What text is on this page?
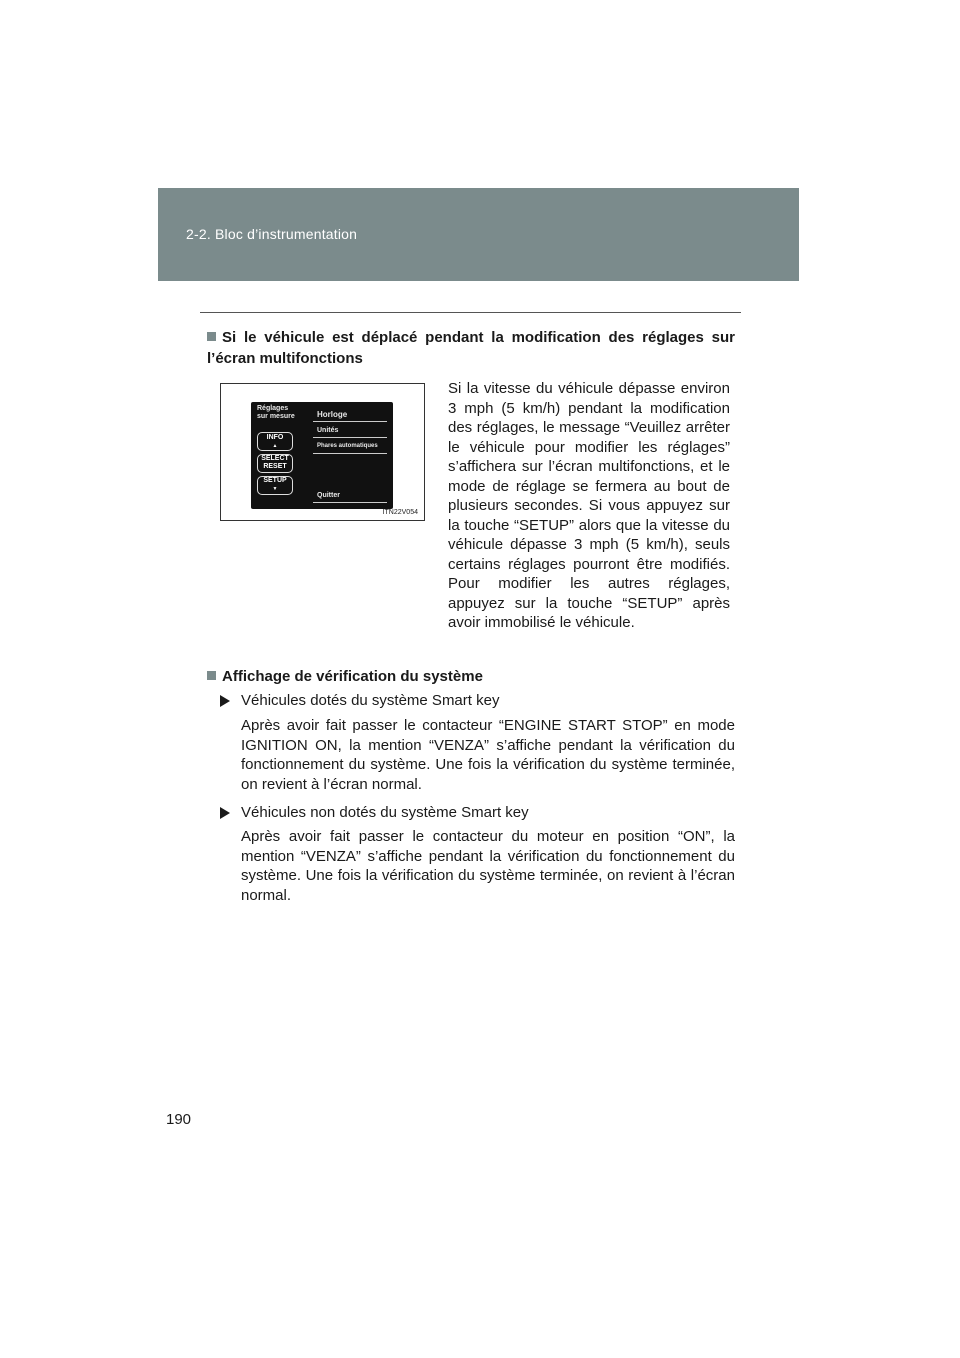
2-2. Bloc d’instrumentation
Si le véhicule est déplacé pendant la modification des réglages sur l’écran multifonctions
Réglages
sur mesure	Horloge
Unités
Phares automatiques
Quitter
INFO
▲
SELECT
RESET
SETUP
▼
ITN22V054
Si la vitesse du véhicule dépasse environ 3 mph (5 km/h) pendant la modification des réglages, le message “Veuillez arrêter le véhicule pour modifier les réglages” s’affichera sur l’écran multifonctions, et le mode de réglage se fermera au bout de plusieurs secondes. Si vous appuyez sur la touche “SETUP” alors que la vitesse du véhicule dépasse 3 mph (5 km/h), seuls certains réglages pourront être modifiés. Pour modifier les autres réglages, appuyez sur la touche “SETUP” après avoir immobilisé le véhicule.
Affichage de vérification du système
Véhicules dotés du système Smart key
Après avoir fait passer le contacteur “ENGINE START STOP” en mode IGNITION ON, la mention “VENZA” s’affiche pendant la vérification du fonctionnement du système. Une fois la vérification du système terminée, on revient à l’écran normal.
Véhicules non dotés du système Smart key
Après avoir fait passer le contacteur du moteur en position “ON”, la mention “VENZA” s’affiche pendant la vérification du fonctionnement du système. Une fois la vérification du système terminée, on revient à l’écran normal.
190
